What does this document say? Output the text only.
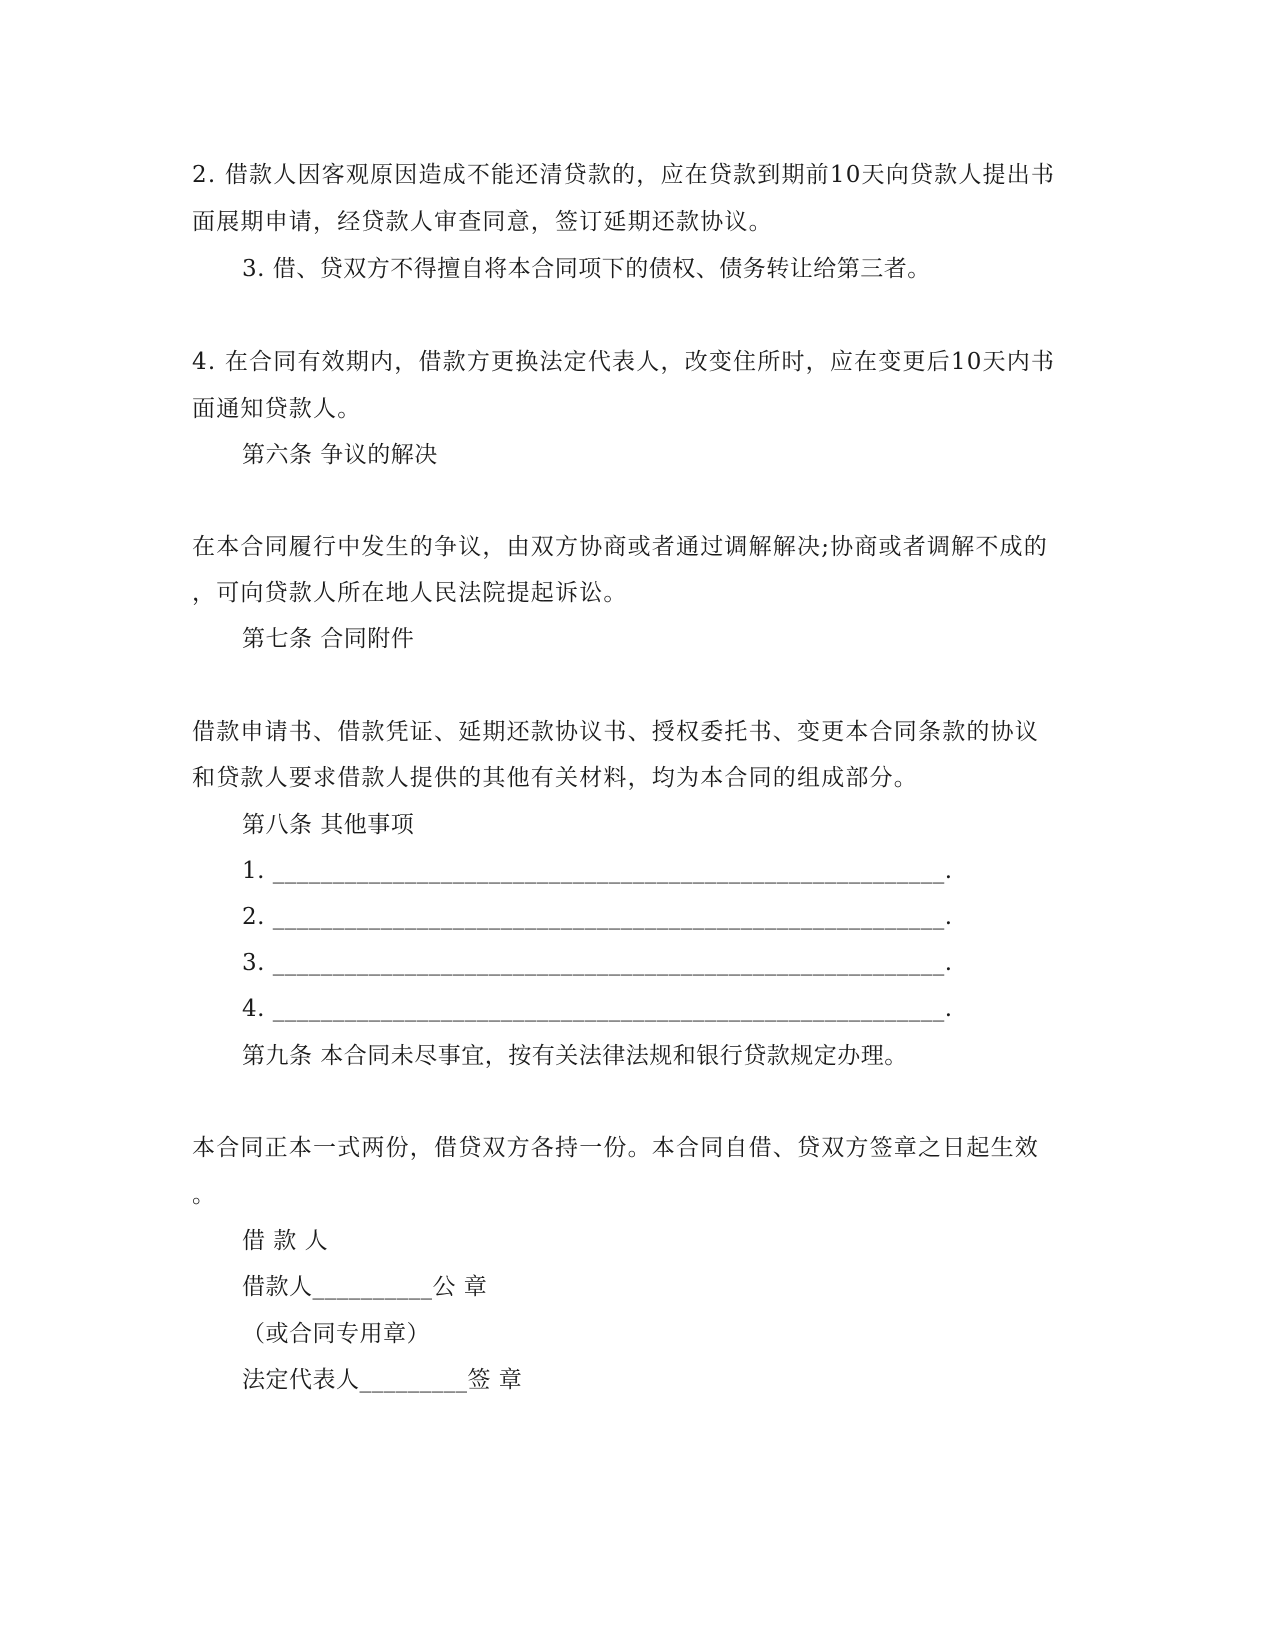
2. 借款人因客观原因造成不能还清贷款的，应在贷款到期前10天向贷款人提出书
面展期申请，经贷款人审查同意，签订延期还款协议。
3. 借、贷双方不得擅自将本合同项下的债权、债务转让给第三者。
4. 在合同有效期内，借款方更换法定代表人，改变住所时，应在变更后10天内书
面通知贷款人。
第六条 争议的解决
在本合同履行中发生的争议，由双方协商或者通过调解解决;协商或者调解不成的
，可向贷款人所在地人民法院提起诉讼。
第七条 合同附件
借款申请书、借款凭证、延期还款协议书、授权委托书、变更本合同条款的协议
和贷款人要求借款人提供的其他有关材料，均为本合同的组成部分。
第八条 其他事项
1. ________________________________________________________.
2. ________________________________________________________.
3. ________________________________________________________.
4. ________________________________________________________.
第九条 本合同未尽事宜，按有关法律法规和银行贷款规定办理。
本合同正本一式两份，借贷双方各持一份。本合同自借、贷双方签章之日起生效
。
借 款 人
借款人__________公 章
（或合同专用章）
法定代表人_________签 章
